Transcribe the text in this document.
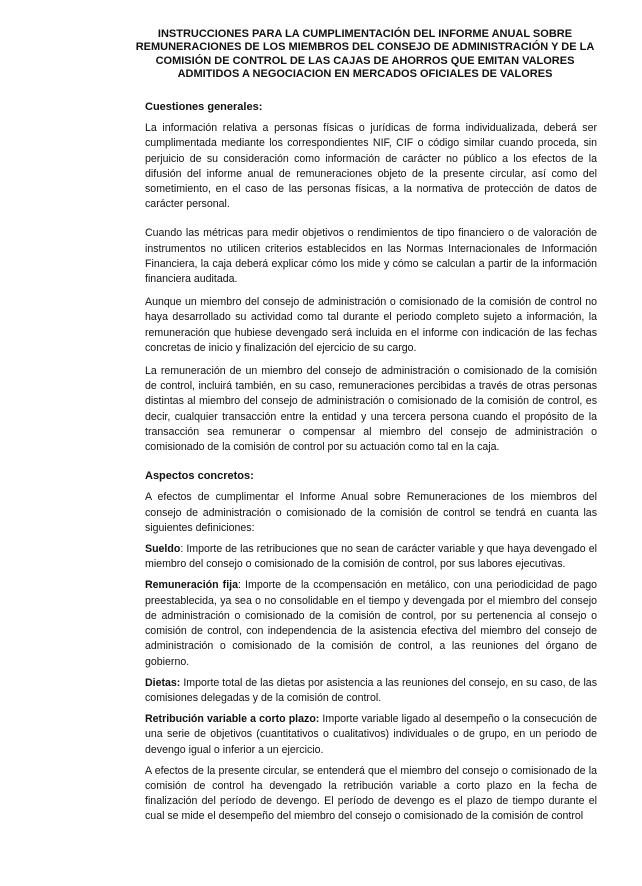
INSTRUCCIONES PARA LA CUMPLIMENTACIÓN DEL INFORME ANUAL SOBRE REMUNERACIONES DE LOS MIEMBROS DEL CONSEJO DE ADMINISTRACIÓN Y DE LA COMISIÓN DE CONTROL DE LAS CAJAS DE AHORROS QUE EMITAN VALORES ADMITIDOS A NEGOCIACION EN MERCADOS OFICIALES DE VALORES
Cuestiones generales:

La información relativa a personas físicas o jurídicas de forma individualizada, deberá ser cumplimentada mediante los correspondientes NIF, CIF o código similar cuando proceda, sin perjuicio de su consideración como información de carácter no público a los efectos de la difusión del informe anual de remuneraciones objeto de la presente circular, así como del sometimiento, en el caso de las personas físicas, a la normativa de protección de datos de carácter personal.

Cuando las métricas para medir objetivos o rendimientos de tipo financiero o de valoración de instrumentos no utilicen criterios establecidos en las Normas Internacionales de Información Financiera, la caja deberá explicar cómo los mide y cómo se calculan a partir de la información financiera auditada.

Aunque un miembro del consejo de administración o comisionado de la comisión de control no haya desarrollado su actividad como tal durante el periodo completo sujeto a información, la remuneración que hubiese devengado será incluida en el informe con indicación de las fechas concretas de inicio y finalización del ejercicio de su cargo.

La remuneración de un miembro del consejo de administración o comisionado de la comisión de control, incluirá también, en su caso, remuneraciones percibidas a través de otras personas distintas al miembro del consejo de administración o comisionado de la comisión de control, es decir, cualquier transacción entre la entidad y una tercera persona cuando el propósito de la transacción sea remunerar o compensar al miembro del consejo de administración o comisionado de la comisión de control por su actuación como tal en la caja.

Aspectos concretos:

A efectos de cumplimentar el Informe Anual sobre Remuneraciones de los miembros del consejo de administración o comisionado de la comisión de control se tendrá en cuanta las siguientes definiciones:

Sueldo: Importe de las retribuciones que no sean de carácter variable y que haya devengado el miembro del consejo o comisionado de la comisión de control, por sus labores ejecutivas.

Remuneración fija: Importe de la ccompensación en metálico, con una periodicidad de pago preestablecida, ya sea o no consolidable en el tiempo y devengada por el miembro del consejo de administración o comisionado de la comisión de control, por su pertenencia al consejo o comisión de control, con independencia de la asistencia efectiva del miembro del consejo de administración o comisionado de la comisión de control, a las reuniones del órgano de gobierno.

Dietas: Importe total de las dietas por asistencia a las reuniones del consejo, en su caso, de las comisiones delegadas y de la comisión de control.

Retribución variable a corto plazo: Importe variable ligado al desempeño o la consecución de una serie de objetivos (cuantitativos o cualitativos) individuales o de grupo, en un periodo de devengo igual o inferior a un ejercicio.

A efectos de la presente circular, se entenderá que el miembro del consejo o comisionado de la comisión de control ha devengado la retribución variable a corto plazo en la fecha de finalización del período de devengo. El período de devengo es el plazo de tiempo durante el cual se mide el desempeño del miembro del consejo o comisionado de la comisión de control
